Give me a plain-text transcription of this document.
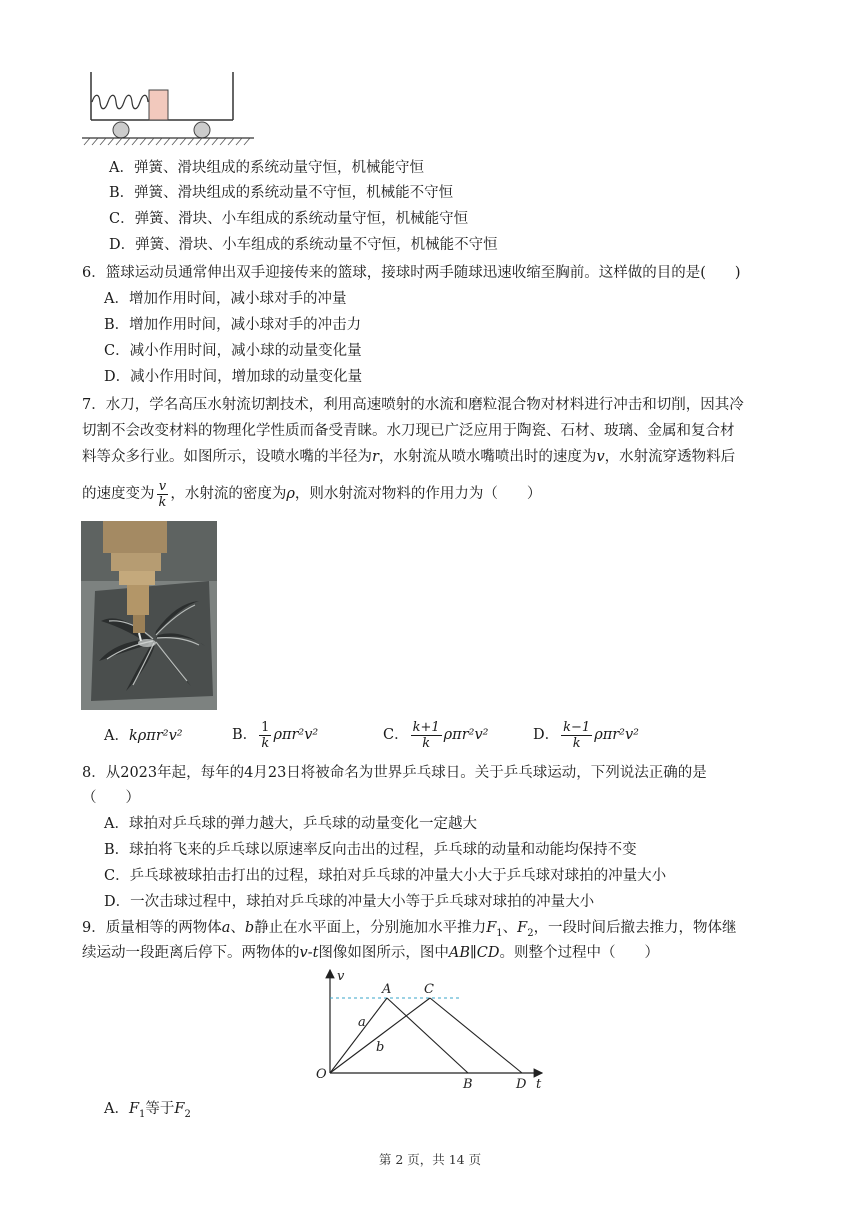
A．弹簧、滑块组成的系统动量守恒，机械能守恒
B．弹簧、滑块组成的系统动量不守恒，机械能不守恒
C．弹簧、滑块、小车组成的系统动量守恒，机械能守恒
D．弹簧、滑块、小车组成的系统动量不守恒，机械能不守恒
6．篮球运动员通常伸出双手迎接传来的篮球，接球时两手随球迅速收缩至胸前。这样做的目的是(　　)
A．增加作用时间，减小球对手的冲量
B．增加作用时间，减小球对手的冲击力
C．减小作用时间，减小球的动量变化量
D．减小作用时间，增加球的动量变化量
7．水刀，学名高压水射流切割技术，利用高速喷射的水流和磨粒混合物对材料进行冲击和切削，因其冷
切割不会改变材料的物理化学性质而备受青睐。水刀现已广泛应用于陶瓷、石材、玻璃、金属和复合材
料等众多行业。如图所示，设喷水嘴的半径为r，水射流从喷水嘴喷出时的速度为v，水射流穿透物料后
的速度变为 $\frac{v}{k}$ ，水射流的密度为ρ，则水射流对物料的作用力为（　　）
A．kρπr²v²	B． $\frac{1}{k} \rho\pi r^2v^2$	C． $\frac{k+1}{k} \rho\pi r^2v^2$	D． $\frac{k-1}{k} \rho\pi r^2v^2$
8．从2023年起，每年的4月23日将被命名为世界乒乓球日。关于乒乓球运动，下列说法正确的是
（　　）
A．球拍对乒乓球的弹力越大，乒乓球的动量变化一定越大
B．球拍将飞来的乒乓球以原速率反向击出的过程，乒乓球的动量和动能均保持不变
C．乒乓球被球拍击打出的过程，球拍对乒乓球的冲量大小大于乒乓球对球拍的冲量大小
D．一次击球过程中，球拍对乒乓球的冲量大小等于乒乓球对球拍的冲量大小
9．质量相等的两物体a、b静止在水平面上，分别施加水平推力$F_1$、$F_2$，一段时间后撤去推力，物体继
续运动一段距离后停下。两物体的v-t图像如图所示，图中AB∥CD。则整个过程中（　　）
v
t
O
A	C
B	D
a
b
A．$F_1$等于$F_2$
第 2 页，共 14 页
